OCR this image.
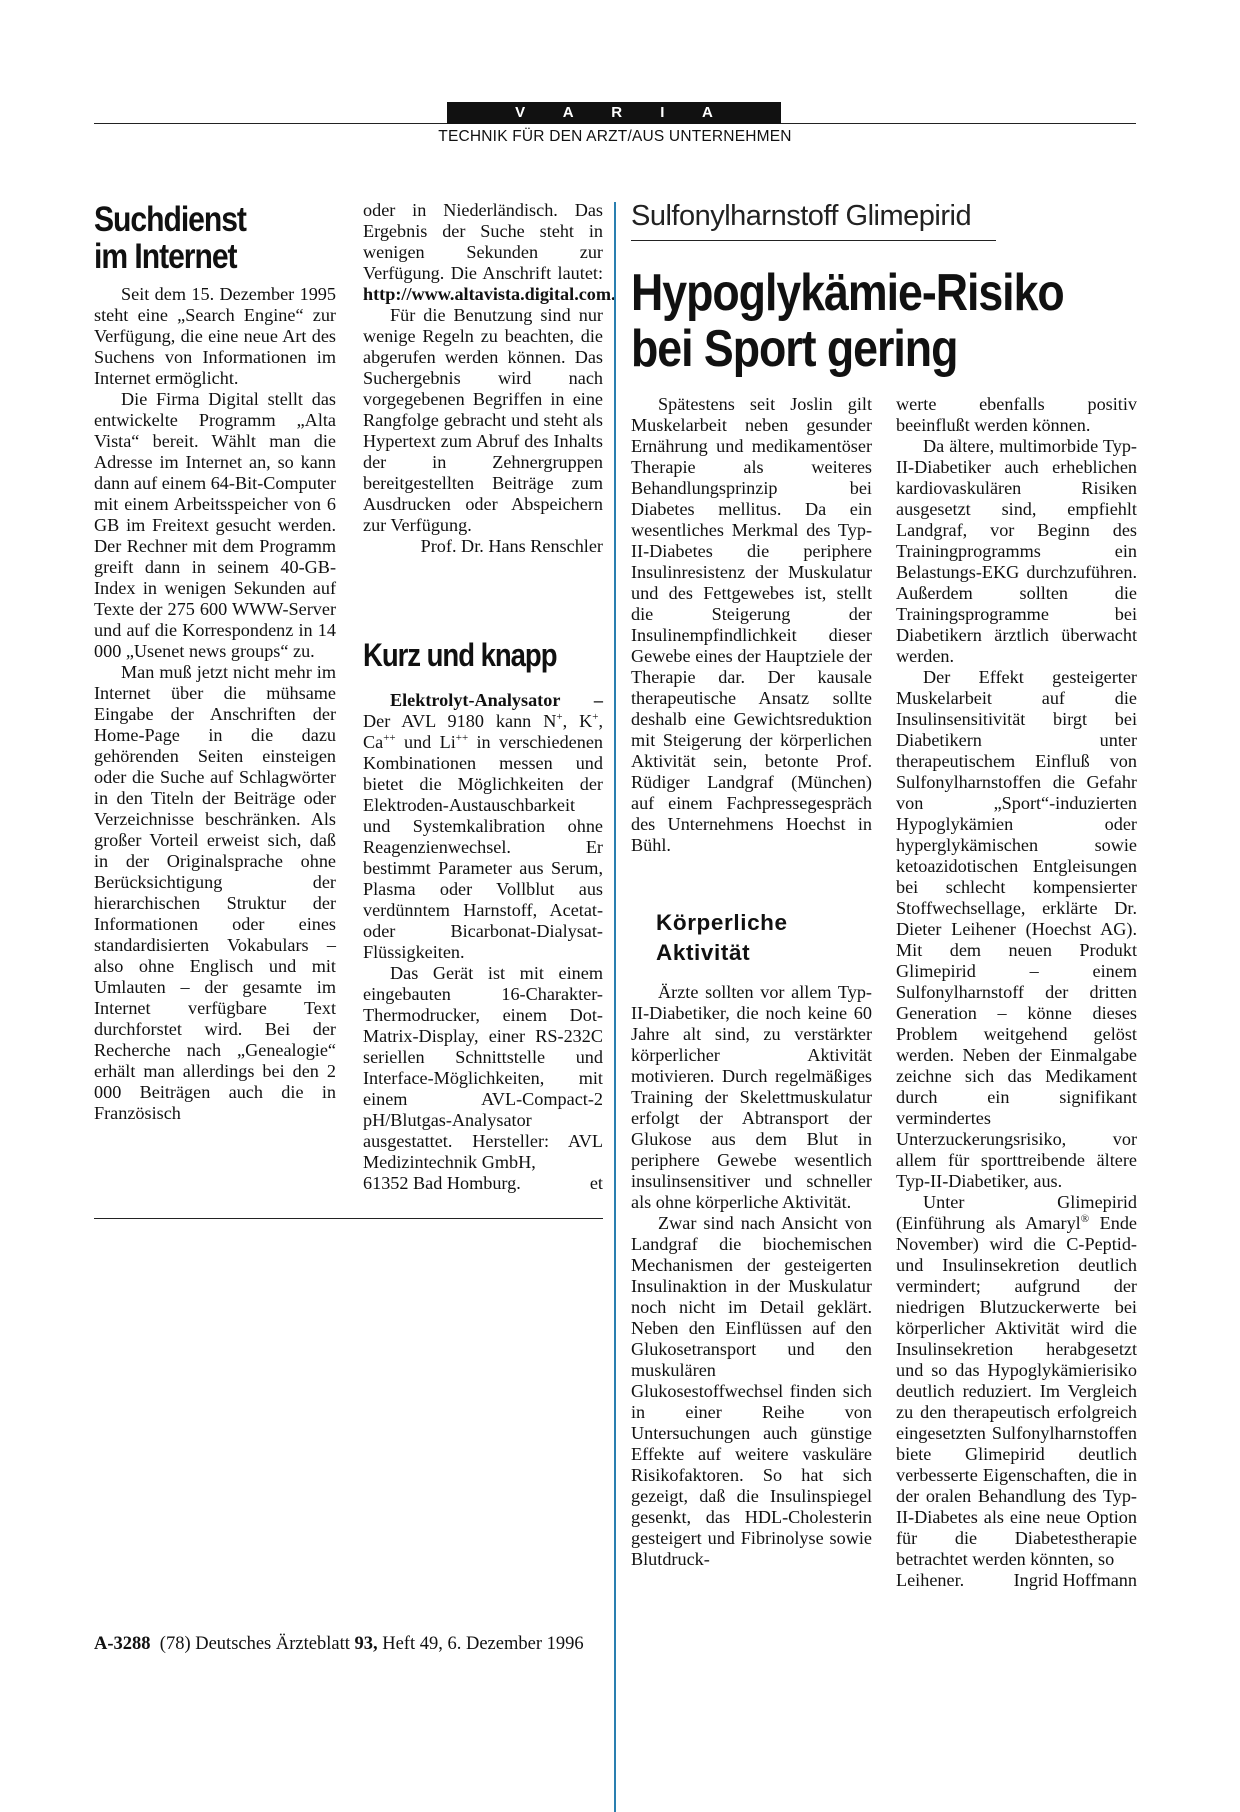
V A R I A
TECHNIK FÜR DEN ARZT/AUS UNTERNEHMEN
Suchdienst
im Internet

Seit dem 15. Dezember 1995 steht eine „Search Engine“ zur Verfügung, die eine neue Art des Suchens von Informationen im Internet ermöglicht.

Die Firma Digital stellt das entwickelte Programm „Alta Vista“ bereit. Wählt man die Adresse im Internet an, so kann dann auf einem 64-Bit-Computer mit einem Arbeitsspeicher von 6 GB im Freitext gesucht werden. Der Rechner mit dem Programm greift dann in seinem 40-GB-Index in wenigen Sekunden auf Texte der 275 600 WWW-Server und auf die Korrespondenz in 14 000 „Usenet news groups“ zu.

Man muß jetzt nicht mehr im Internet über die mühsame Eingabe der Anschriften der Home-Page in die dazu gehörenden Seiten einsteigen oder die Suche auf Schlagwörter in den Titeln der Beiträge oder Verzeichnisse beschränken. Als großer Vorteil erweist sich, daß in der Originalsprache ohne Berücksichtigung der hierarchischen Struktur der Informationen oder eines standardisierten Vokabulars – also ohne Englisch und mit Umlauten – der gesamte im Internet verfügbare Text durchforstet wird. Bei der Recherche nach „Genealogie“ erhält man allerdings bei den 2 000 Beiträgen auch die in Französisch

oder in Niederländisch. Das Ergebnis der Suche steht in wenigen Sekunden zur Verfügung. Die Anschrift lautet: http://www.altavista.digital.com.

Für die Benutzung sind nur wenige Regeln zu beachten, die abgerufen werden können. Das Suchergebnis wird nach vorgegebenen Begriffen in eine Rangfolge gebracht und steht als Hypertext zum Abruf des Inhalts der in Zehnergruppen bereitgestellten Beiträge zum Ausdrucken oder Abspeichern zur Verfügung.

Prof. Dr. Hans Renschler

Kurz und knapp

Elektrolyt-Analysator – Der AVL 9180 kann N+, K+, Ca++ und Li++ in verschiedenen Kombinationen messen und bietet die Möglichkeiten der Elektroden-Austauschbarkeit und Systemkalibration ohne Reagenzienwechsel. Er bestimmt Parameter aus Serum, Plasma oder Vollblut aus verdünntem Harnstoff, Acetat- oder Bicarbonat-Dialysat-Flüssigkeiten.

Das Gerät ist mit einem eingebauten 16-Charakter-Thermodrucker, einem Dot-Matrix-Display, einer RS-232C seriellen Schnittstelle und Interface-Möglichkeiten, mit einem AVL-Compact-2 pH/Blutgas-Analysator ausgestattet. Hersteller: AVL Medizintechnik GmbH,

61352 Bad Homburg.	et
Sulfonylharnstoff Glimepirid
Hypoglykämie-Risiko
bei Sport gering

Spätestens seit Joslin gilt Muskelarbeit neben gesunder Ernährung und medikamentöser Therapie als weiteres Behandlungsprinzip bei Diabetes mellitus. Da ein wesentliches Merkmal des Typ-II-Diabetes die periphere Insulinresistenz der Muskulatur und des Fettgewebes ist, stellt die Steigerung der Insulinempfindlichkeit dieser Gewebe eines der Hauptziele der Therapie dar. Der kausale therapeutische Ansatz sollte deshalb eine Gewichtsreduktion mit Steigerung der körperlichen Aktivität sein, betonte Prof. Rüdiger Landgraf (München) auf einem Fachpressegespräch des Unternehmens Hoechst in Bühl.

Ärzte sollten vor allem Typ-II-Diabetiker, die noch keine 60 Jahre alt sind, zu verstärkter körperlicher Aktivität motivieren. Durch regelmäßiges Training der Skelettmuskulatur erfolgt der Abtransport der Glukose aus dem Blut in periphere Gewebe wesentlich insulinsensitiver und schneller als ohne körperliche Aktivität.

Zwar sind nach Ansicht von Landgraf die biochemischen Mechanismen der gesteigerten Insulinaktion in der Muskulatur noch nicht im Detail geklärt. Neben den Einflüssen auf den Glukosetransport und den muskulären Glukosestoffwechsel finden sich in einer Reihe von Untersuchungen auch günstige Effekte auf weitere vaskuläre Risikofaktoren. So hat sich gezeigt, daß die Insulinspiegel gesenkt, das HDL-Cholesterin gesteigert und Fibrinolyse sowie Blutdruck-

Körperliche
Aktivität

werte ebenfalls positiv beeinflußt werden können.

Da ältere, multimorbide Typ-II-Diabetiker auch erheblichen kardiovaskulären Risiken ausgesetzt sind, empfiehlt Landgraf, vor Beginn des Trainingprogramms ein Belastungs-EKG durchzuführen. Außerdem sollten die Trainingsprogramme bei Diabetikern ärztlich überwacht werden.

Der Effekt gesteigerter Muskelarbeit auf die Insulinsensitivität birgt bei Diabetikern unter therapeutischem Einfluß von Sulfonylharnstoffen die Gefahr von „Sport“-induzierten Hypoglykämien oder hyperglykämischen sowie ketoazidotischen Entgleisungen bei schlecht kompensierter Stoffwechsellage, erklärte Dr. Dieter Leihener (Hoechst AG). Mit dem neuen Produkt Glimepirid – einem Sulfonylharnstoff der dritten Generation – könne dieses Problem weitgehend gelöst werden. Neben der Einmalgabe zeichne sich das Medikament durch ein signifikant vermindertes Unterzuckerungsrisiko, vor allem für sporttreibende ältere Typ-II-Diabetiker, aus.

Unter Glimepirid (Einführung als Amaryl® Ende November) wird die C-Peptid- und Insulinsekretion deutlich vermindert; aufgrund der niedrigen Blutzuckerwerte bei körperlicher Aktivität wird die Insulinsekretion herabgesetzt und so das Hypoglykämierisiko deutlich reduziert. Im Vergleich zu den therapeutisch erfolgreich eingesetzten Sulfonylharnstoffen biete Glimepirid deutlich verbesserte Eigenschaften, die in der oralen Behandlung des Typ-II-Diabetes als eine neue Option für die Diabetestherapie betrachtet werden könnten, so

Leihener.	Ingrid Hoffmann
A-3288 (78) Deutsches Ärzteblatt 93, Heft 49, 6. Dezember 1996
